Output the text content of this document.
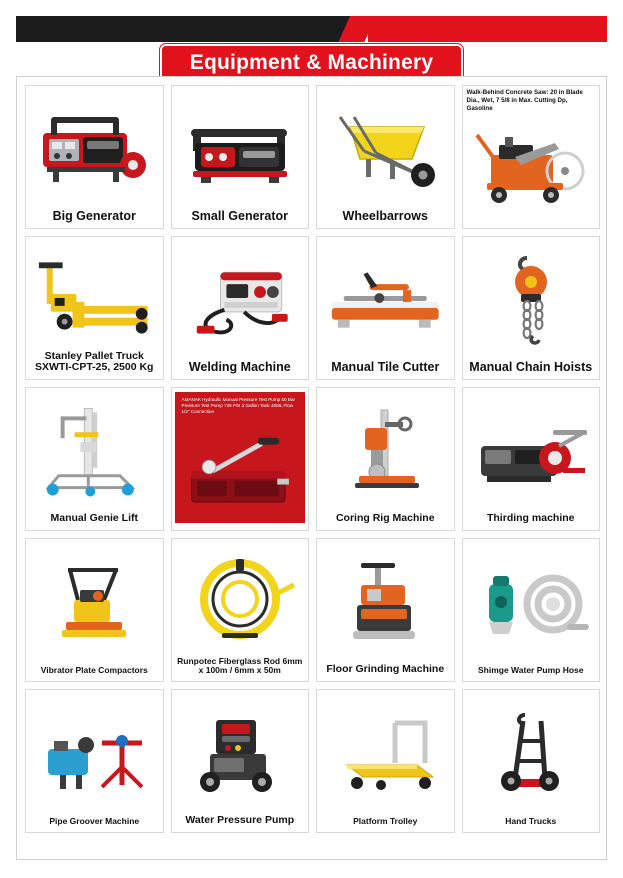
Equipment & Machinery
Big Generator	Small Generator	Wheelbarrows
Walk-Behind Concrete Saw: 20 in Blade Dia., Wet, 7 5/8 in Max. Cutting Dp, Gasoline
Stanley Pallet Truck SXWTI-CPT-25, 2500 Kg	Welding Machine	Manual Tile Cutter	Manual Chain Hoists
Manual Genie Lift
AMANAK Hydraulic Manual Pressure Test Pump 50 Bar Pressure Test Pump 726 PSI 3 Gallon Tank 45ML Flow 1/2" Connection
Coring Rig Machine	Thirding machine
Vibrator Plate Compactors
Runpotec Fiberglass Rod 6mm x 100m / 6mm x 50m	Floor Grinding Machine	Shimge Water Pump Hose
Pipe Groover Machine	Water Pressure Pump	Platform Trolley	Hand Trucks
